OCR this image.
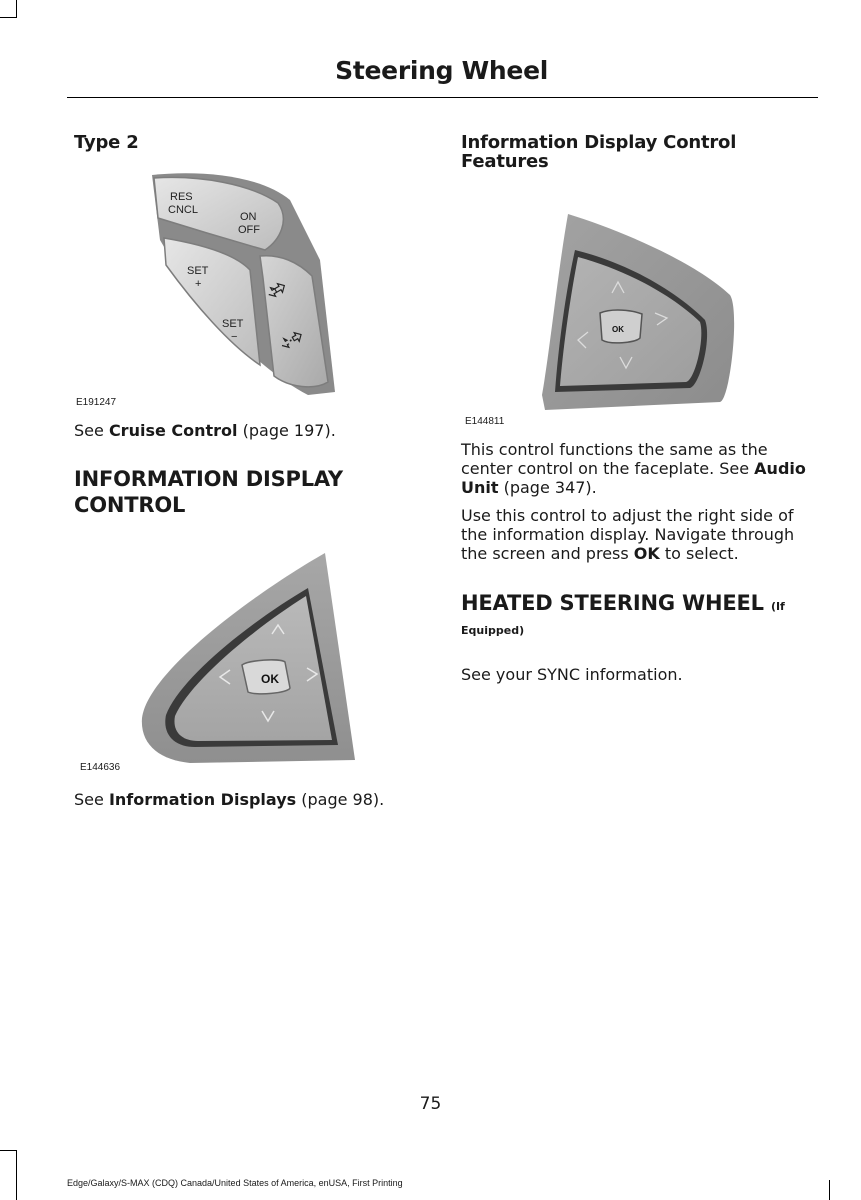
Steering Wheel
Type 2
RES
CNCL
ON
OFF
SET
+
SET
−
E191247

See Cruise Control (page 197).

INFORMATION DISPLAY
CONTROL
OK
E144636

See Information Displays (page 98).

Information Display Control
Features
OK
E144811

This control functions the same as the

center control on the faceplate. See Audio

Unit (page 347).

Use this control to adjust the right side of

the information display. Navigate through

the screen and press OK to select.

HEATED STEERING WHEEL (If
Equipped)

See your SYNC information.

75
Edge/Galaxy/S-MAX (CDQ) Canada/United States of America, enUSA, First Printing
